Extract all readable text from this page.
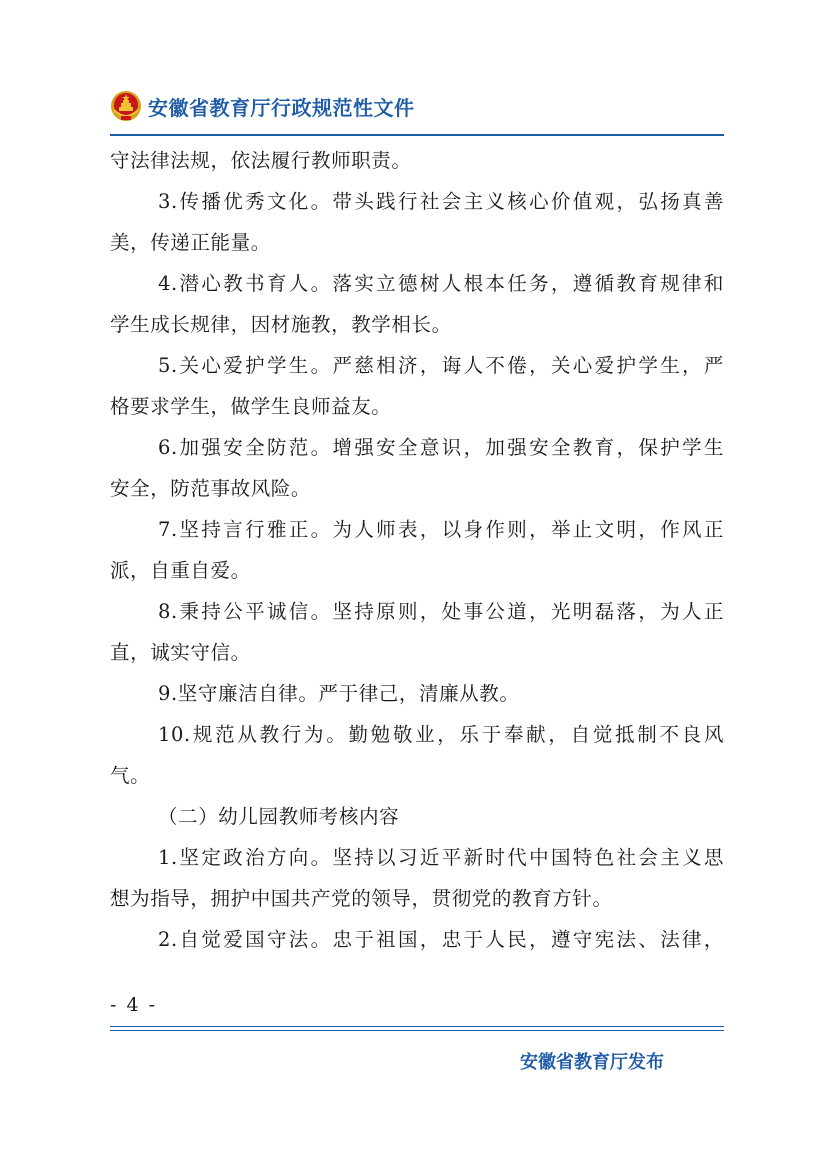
安徽省教育厅行政规范性文件
守法律法规，依法履行教师职责。
3.传播优秀文化。带头践行社会主义核心价值观，弘扬真善
美，传递正能量。
4.潜心教书育人。落实立德树人根本任务，遵循教育规律和
学生成长规律，因材施教，教学相长。
5.关心爱护学生。严慈相济，诲人不倦，关心爱护学生，严
格要求学生，做学生良师益友。
6.加强安全防范。增强安全意识，加强安全教育，保护学生
安全，防范事故风险。
7.坚持言行雅正。为人师表，以身作则，举止文明，作风正
派，自重自爱。
8.秉持公平诚信。坚持原则，处事公道，光明磊落，为人正
直，诚实守信。
9.坚守廉洁自律。严于律己，清廉从教。
10.规范从教行为。勤勉敬业，乐于奉献，自觉抵制不良风
气。
（二）幼儿园教师考核内容
1.坚定政治方向。坚持以习近平新时代中国特色社会主义思
想为指导，拥护中国共产党的领导，贯彻党的教育方针。
2.自觉爱国守法。忠于祖国，忠于人民，遵守宪法、法律，
- 4 -
安徽省教育厅发布
